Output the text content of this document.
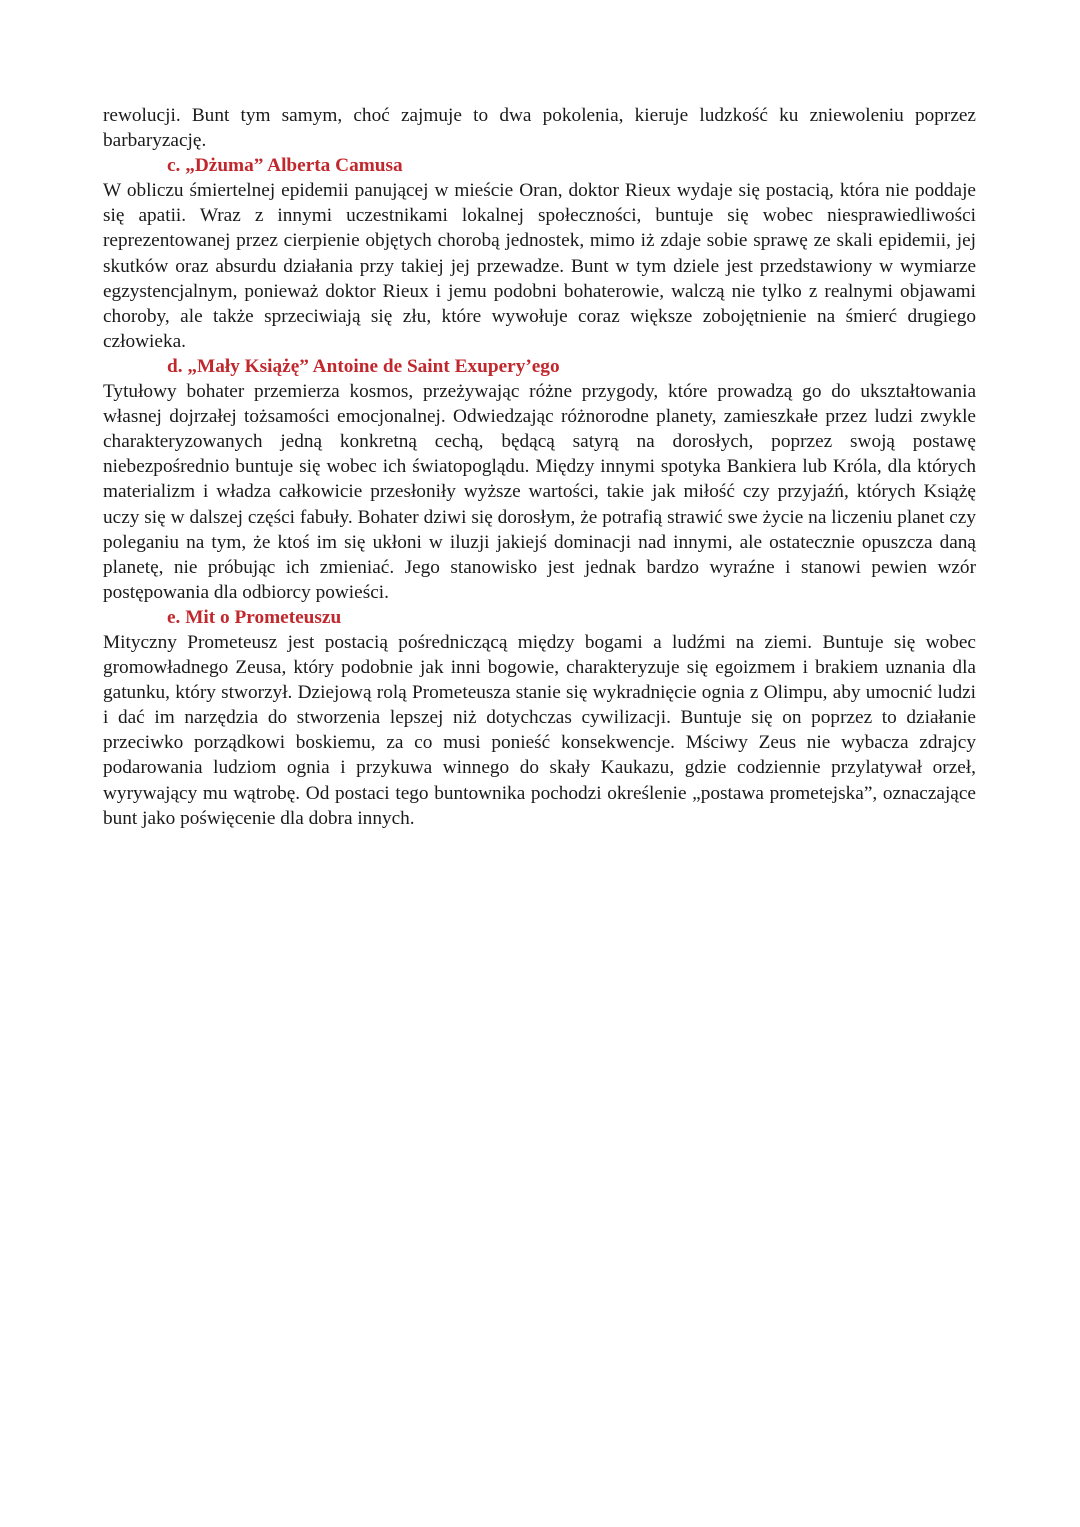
rewolucji. Bunt tym samym, choć zajmuje to dwa pokolenia, kieruje ludzkość ku zniewoleniu poprzez barbaryzację.

c. „Dżuma” Alberta Camusa

W obliczu śmiertelnej epidemii panującej w mieście Oran, doktor Rieux wydaje się postacią, która nie poddaje się apatii. Wraz z innymi uczestnikami lokalnej społeczności, buntuje się wobec niesprawiedliwości reprezentowanej przez cierpienie objętych chorobą jednostek, mimo iż zdaje sobie sprawę ze skali epidemii, jej skutków oraz absurdu działania przy takiej jej przewadze. Bunt w tym dziele jest przedstawiony w wymiarze egzystencjalnym, ponieważ doktor Rieux i jemu podobni bohaterowie, walczą nie tylko z realnymi objawami choroby, ale także sprzeciwiają się złu, które wywołuje coraz większe zobojętnienie na śmierć drugiego człowieka.

d. „Mały Książę” Antoine de Saint Exupery’ego

Tytułowy bohater przemierza kosmos, przeżywając różne przygody, które prowadzą go do ukształtowania własnej dojrzałej tożsamości emocjonalnej. Odwiedzając różnorodne planety, zamieszkałe przez ludzi zwykle charakteryzowanych jedną konkretną cechą, będącą satyrą na dorosłych, poprzez swoją postawę niebezpośrednio buntuje się wobec ich światopoglądu. Między innymi spotyka Bankiera lub Króla, dla których materializm i władza całkowicie przesłoniły wyższe wartości, takie jak miłość czy przyjaźń, których Książę uczy się w dalszej części fabuły. Bohater dziwi się dorosłym, że potrafią strawić swe życie na liczeniu planet czy poleganiu na tym, że ktoś im się ukłoni w iluzji jakiejś dominacji nad innymi, ale ostatecznie opuszcza daną planetę, nie próbując ich zmieniać. Jego stanowisko jest jednak bardzo wyraźne i stanowi pewien wzór postępowania dla odbiorcy powieści.

e. Mit o Prometeuszu

Mityczny Prometeusz jest postacią pośredniczącą między bogami a ludźmi na ziemi. Buntuje się wobec gromowładnego Zeusa, który podobnie jak inni bogowie, charakteryzuje się egoizmem i brakiem uznania dla gatunku, który stworzył. Dziejową rolą Prometeusza stanie się wykradnięcie ognia z Olimpu, aby umocnić ludzi i dać im narzędzia do stworzenia lepszej niż dotychczas cywilizacji. Buntuje się on poprzez to działanie przeciwko porządkowi boskiemu, za co musi ponieść konsekwencje. Mściwy Zeus nie wybacza zdrajcy podarowania ludziom ognia i przykuwa winnego do skały Kaukazu, gdzie codziennie przylatywał orzeł, wyrywający mu wątrobę. Od postaci tego buntownika pochodzi określenie „postawa prometejska”, oznaczające bunt jako poświęcenie dla dobra innych.
